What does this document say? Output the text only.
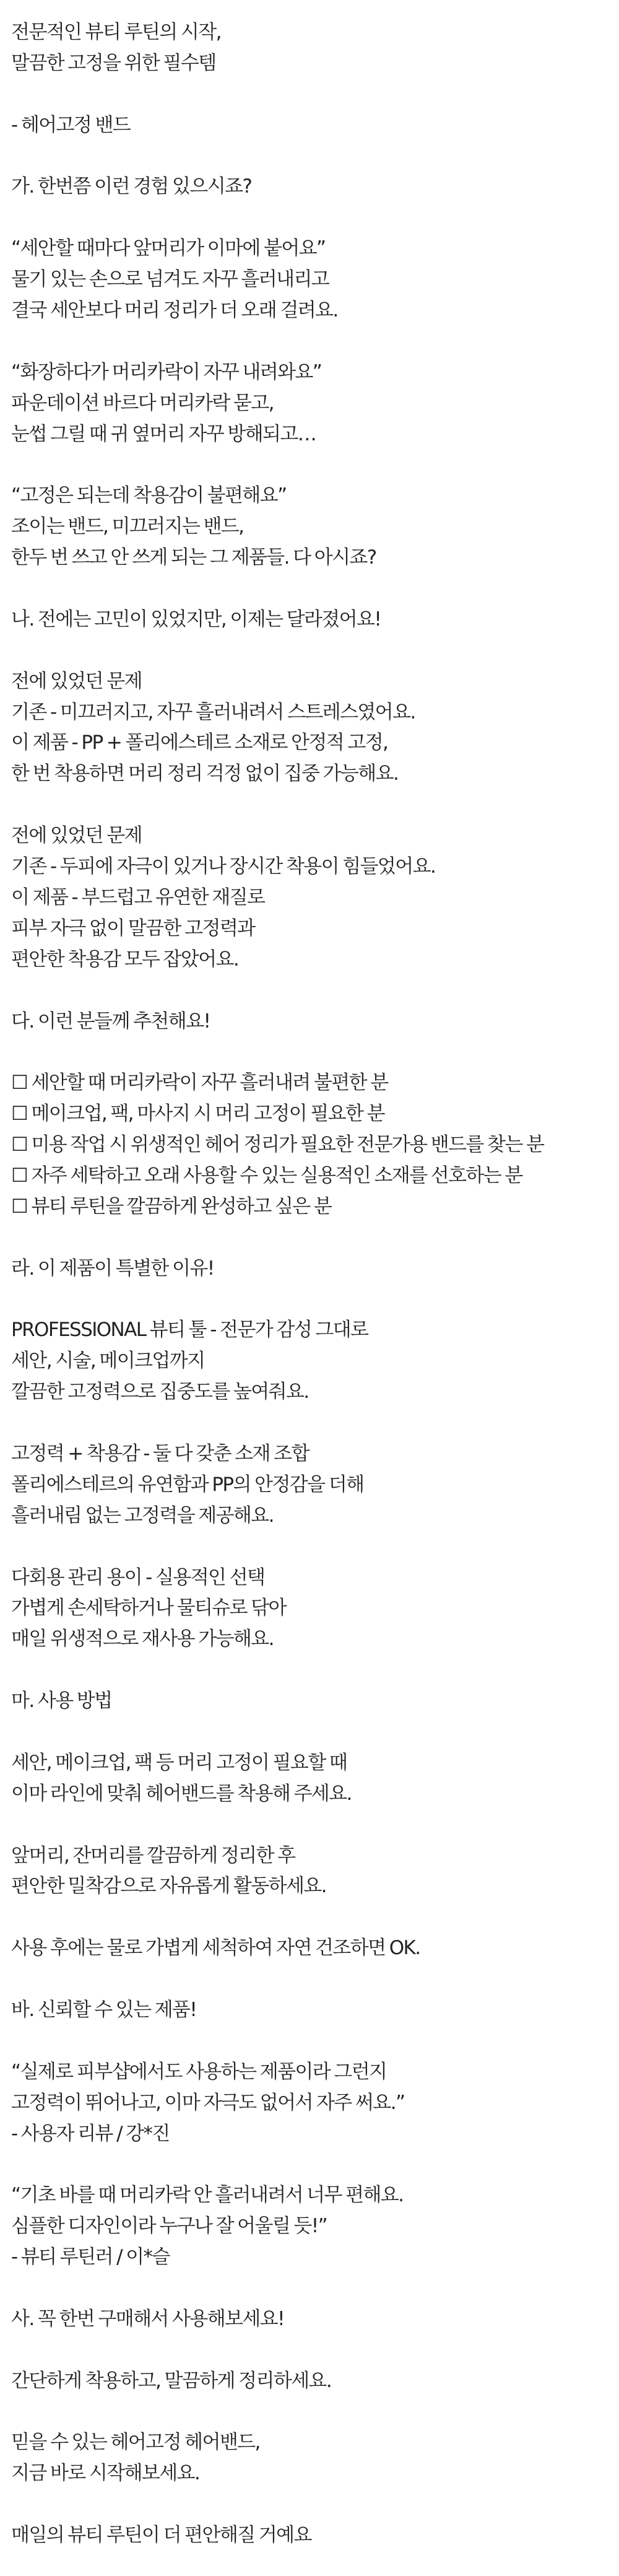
전문적인 뷰티 루틴의 시작,
말끔한 고정을 위한 필수템
- 헤어고정 밴드
가. 한번쯤 이런 경험 있으시죠?
“세안할 때마다 앞머리가 이마에 붙어요”
물기 있는 손으로 넘겨도 자꾸 흘러내리고
결국 세안보다 머리 정리가 더 오래 걸려요.
“화장하다가 머리카락이 자꾸 내려와요”
파운데이션 바르다 머리카락 묻고,
눈썹 그릴 때 귀 옆머리 자꾸 방해되고…
“고정은 되는데 착용감이 불편해요”
조이는 밴드, 미끄러지는 밴드,
한두 번 쓰고 안 쓰게 되는 그 제품들. 다 아시죠?
나. 전에는 고민이 있었지만, 이제는 달라졌어요!
전에 있었던 문제
기존 - 미끄러지고, 자꾸 흘러내려서 스트레스였어요.
이 제품 - PP + 폴리에스테르 소재로 안정적 고정,
한 번 착용하면 머리 정리 걱정 없이 집중 가능해요.
전에 있었던 문제
기존 - 두피에 자극이 있거나 장시간 착용이 힘들었어요.
이 제품 - 부드럽고 유연한 재질로
피부 자극 없이 말끔한 고정력과
편안한 착용감 모두 잡았어요.
다. 이런 분들께 추천해요!
☐ 세안할 때 머리카락이 자꾸 흘러내려 불편한 분
☐ 메이크업, 팩, 마사지 시 머리 고정이 필요한 분
☐ 미용 작업 시 위생적인 헤어 정리가 필요한 전문가용 밴드를 찾는 분
☐ 자주 세탁하고 오래 사용할 수 있는 실용적인 소재를 선호하는 분
☐ 뷰티 루틴을 깔끔하게 완성하고 싶은 분
라. 이 제품이 특별한 이유!
PROFESSIONAL 뷰티 툴 - 전문가 감성 그대로
세안, 시술, 메이크업까지
깔끔한 고정력으로 집중도를 높여줘요.
고정력 + 착용감 - 둘 다 갖춘 소재 조합
폴리에스테르의 유연함과 PP의 안정감을 더해
흘러내림 없는 고정력을 제공해요.
다회용 관리 용이 - 실용적인 선택
가볍게 손세탁하거나 물티슈로 닦아
매일 위생적으로 재사용 가능해요.
마. 사용 방법
세안, 메이크업, 팩 등 머리 고정이 필요할 때
이마 라인에 맞춰 헤어밴드를 착용해 주세요.
앞머리, 잔머리를 깔끔하게 정리한 후
편안한 밀착감으로 자유롭게 활동하세요.
사용 후에는 물로 가볍게 세척하여 자연 건조하면 OK.
바. 신뢰할 수 있는 제품!
“실제로 피부샵에서도 사용하는 제품이라 그런지
고정력이 뛰어나고, 이마 자극도 없어서 자주 써요.”
- 사용자 리뷰 / 강*진
“기초 바를 때 머리카락 안 흘러내려서 너무 편해요.
심플한 디자인이라 누구나 잘 어울릴 듯!”
- 뷰티 루틴러 / 이*슬
사. 꼭 한번 구매해서 사용해보세요!
간단하게 착용하고, 말끔하게 정리하세요.
믿을 수 있는 헤어고정 헤어밴드,
지금 바로 시작해보세요.
매일의 뷰티 루틴이 더 편안해질 거예요
